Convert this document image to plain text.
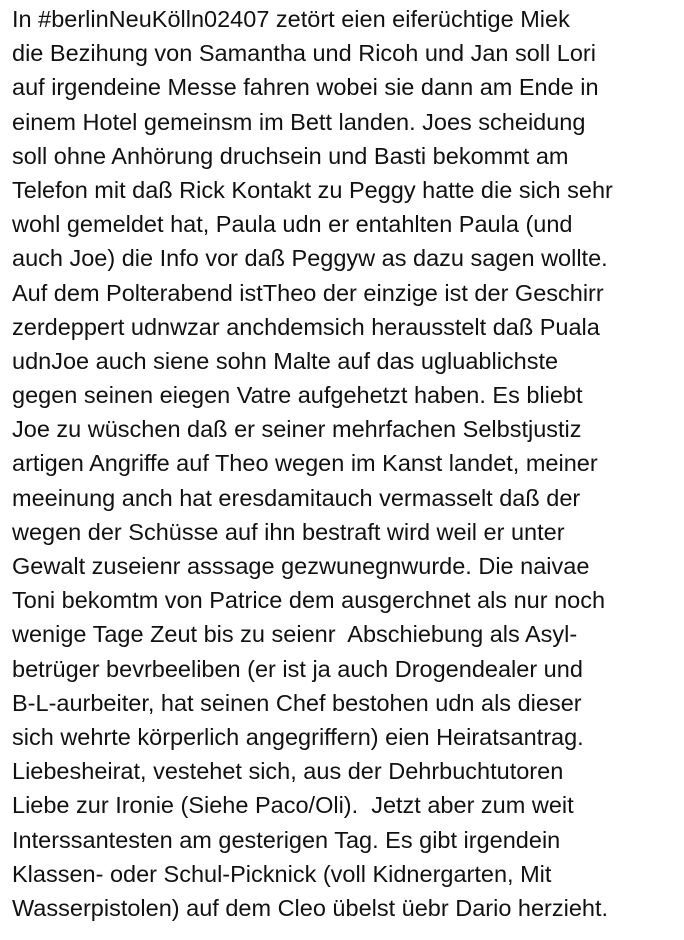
In #berlinNeuKölln02407 zetört eien eiferüchtige Miek
die Bezihung von Samantha und Ricoh und Jan soll Lori
auf irgendeine Messe fahren wobei sie dann am Ende in
einem Hotel gemeinsm im Bett landen. Joes scheidung
soll ohne Anhörung druchsein und Basti bekommt am
Telefon mit daß Rick Kontakt zu Peggy hatte die sich sehr
wohl gemeldet hat, Paula udn er entahlten Paula (und
auch Joe) die Info vor daß Peggyw as dazu sagen wollte.
Auf dem Polterabend istTheo der einzige ist der Geschirr
zerdeppert udnwzar anchdemsich herausstelt daß Puala
udnJoe auch siene sohn Malte auf das ugluablichste
gegen seinen eiegen Vatre aufgehetzt haben. Es bliebt
Joe zu wüschen daß er seiner mehrfachen Selbstjustiz
artigen Angriffe auf Theo wegen im Kanst landet, meiner
meeinung anch hat eresdamitauch vermasselt daß der
wegen der Schüsse auf ihn bestraft wird weil er unter
Gewalt zuseienr asssage gezwunegnwurde. Die naivae
Toni bekomtm von Patrice dem ausgerchnet als nur noch
wenige Tage Zeut bis zu seienr  Abschiebung als Asyl-
betrüger bevrbeeliben (er ist ja auch Drogendealer und
B-L-aurbeiter, hat seinen Chef bestohen udn als dieser
sich wehrte körperlich angegriffern) eien Heiratsantrag.
Liebesheirat, vestehet sich, aus der Dehrbuchtutoren
Liebe zur Ironie (Siehe Paco/Oli).  Jetzt aber zum weit
Interssantesten am gesterigen Tag. Es gibt irgendein
Klassen- oder Schul-Picknick (voll Kidnergarten, Mit
Wasserpistolen) auf dem Cleo übelst üebr Dario herzieht.
